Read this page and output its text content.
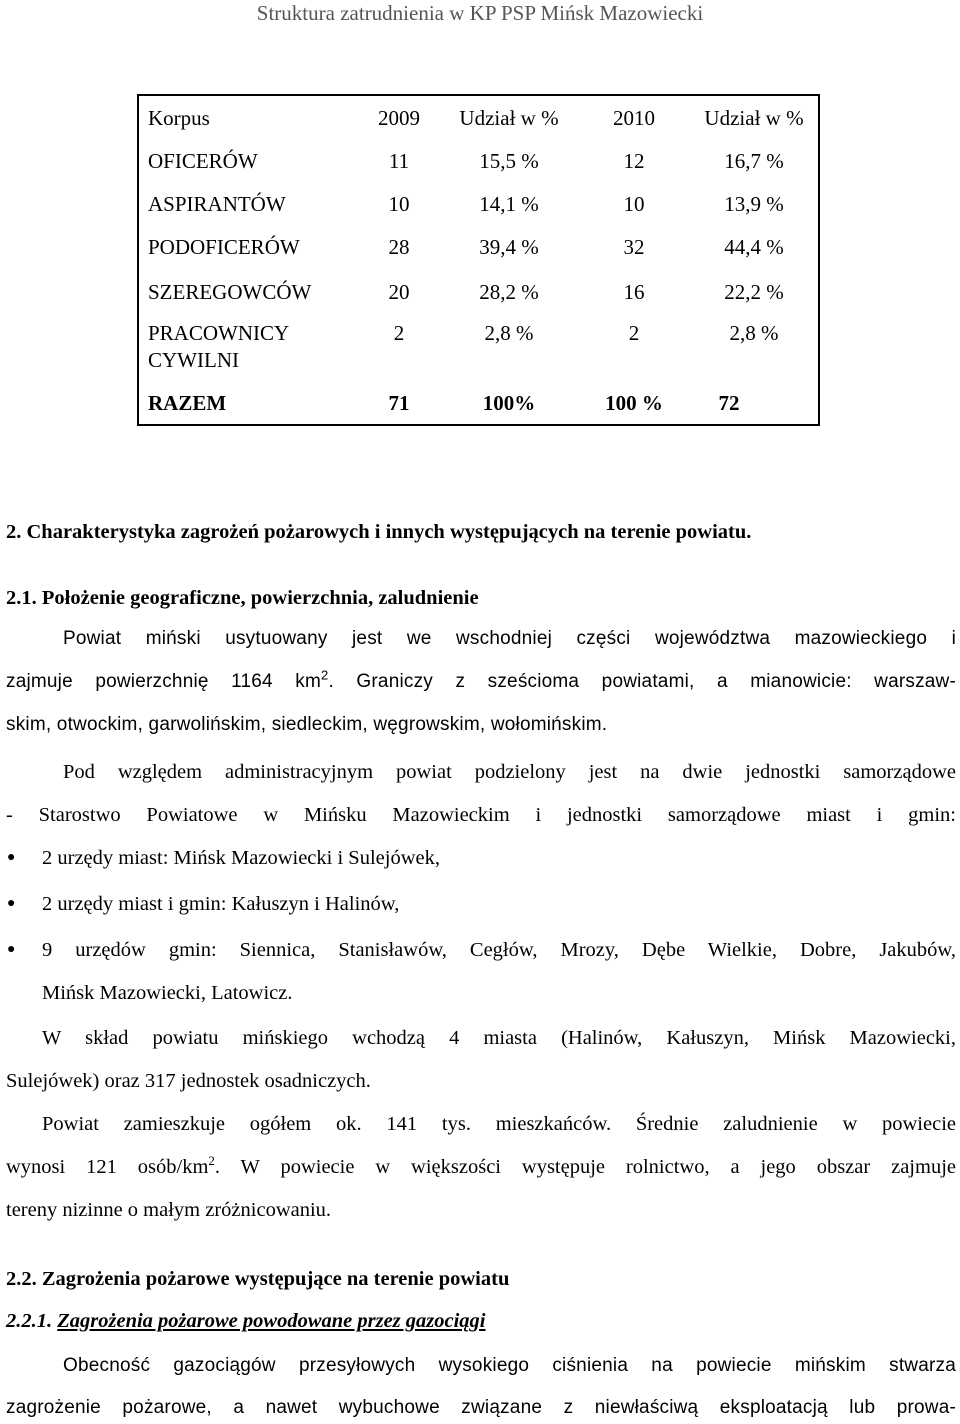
Struktura zatrudnienia w KP PSP Mińsk Mazowiecki
Korpus	2009	Udział w %	2010	Udział w %
OFICERÓW	11	15,5 %	12	16,7 %
ASPIRANTÓW	10	14,1 %	10	13,9 %
PODOFICERÓW	28	39,4 %	32	44,4 %
SZEREGOWCÓW	20	28,2 %	16	22,2 %
PRACOWNICY	2	2,8 %	2	2,8 %
CYWILNI
RAZEM	71	100%	100 %	72
2. Charakterystyka zagrożeń pożarowych i innych występujących na terenie powiatu.
2.1. Położenie geograficzne, powierzchnia, zaludnienie
Powiat miński usytuowany jest we wschodniej części województwa mazowieckiego i
zajmuje powierzchnię 1164 $km^2$. Graniczy z sześcioma powiatami, a mianowicie: warszaw-
skim, otwockim, garwolińskim, siedleckim, węgrowskim, wołomińskim.
Pod względem administracyjnym powiat podzielony jest na dwie jednostki samorządowe
- Starostwo Powiatowe w Mińsku Mazowieckim i jednostki samorządowe miast i gmin:
● 2 urzędy miast: Mińsk Mazowiecki i Sulejówek,
● 2 urzędy miast i gmin: Kałuszyn i Halinów,
● 9 urzędów gmin: Siennica, Stanisławów, Cegłów, Mrozy, Dębe Wielkie, Dobre, Jakubów,
Mińsk Mazowiecki, Latowicz.
W skład powiatu mińskiego wchodzą 4 miasta (Halinów, Kałuszyn, Mińsk Mazowiecki,
Sulejówek) oraz 317 jednostek osadniczych.
Powiat zamieszkuje ogółem ok. 141 tys. mieszkańców. Średnie zaludnienie w powiecie
wynosi 121 osób/$km^2$. W powiecie w większości występuje rolnictwo, a jego obszar zajmuje
tereny nizinne o małym zróżnicowaniu.
2.2. Zagrożenia pożarowe występujące na terenie powiatu
2.2.1. Zagrożenia pożarowe powodowane przez gazociągi
Obecność gazociągów przesyłowych wysokiego ciśnienia na powiecie mińskim stwarza
zagrożenie pożarowe, a nawet wybuchowe związane z niewłaściwą eksploatacją lub prowa-
